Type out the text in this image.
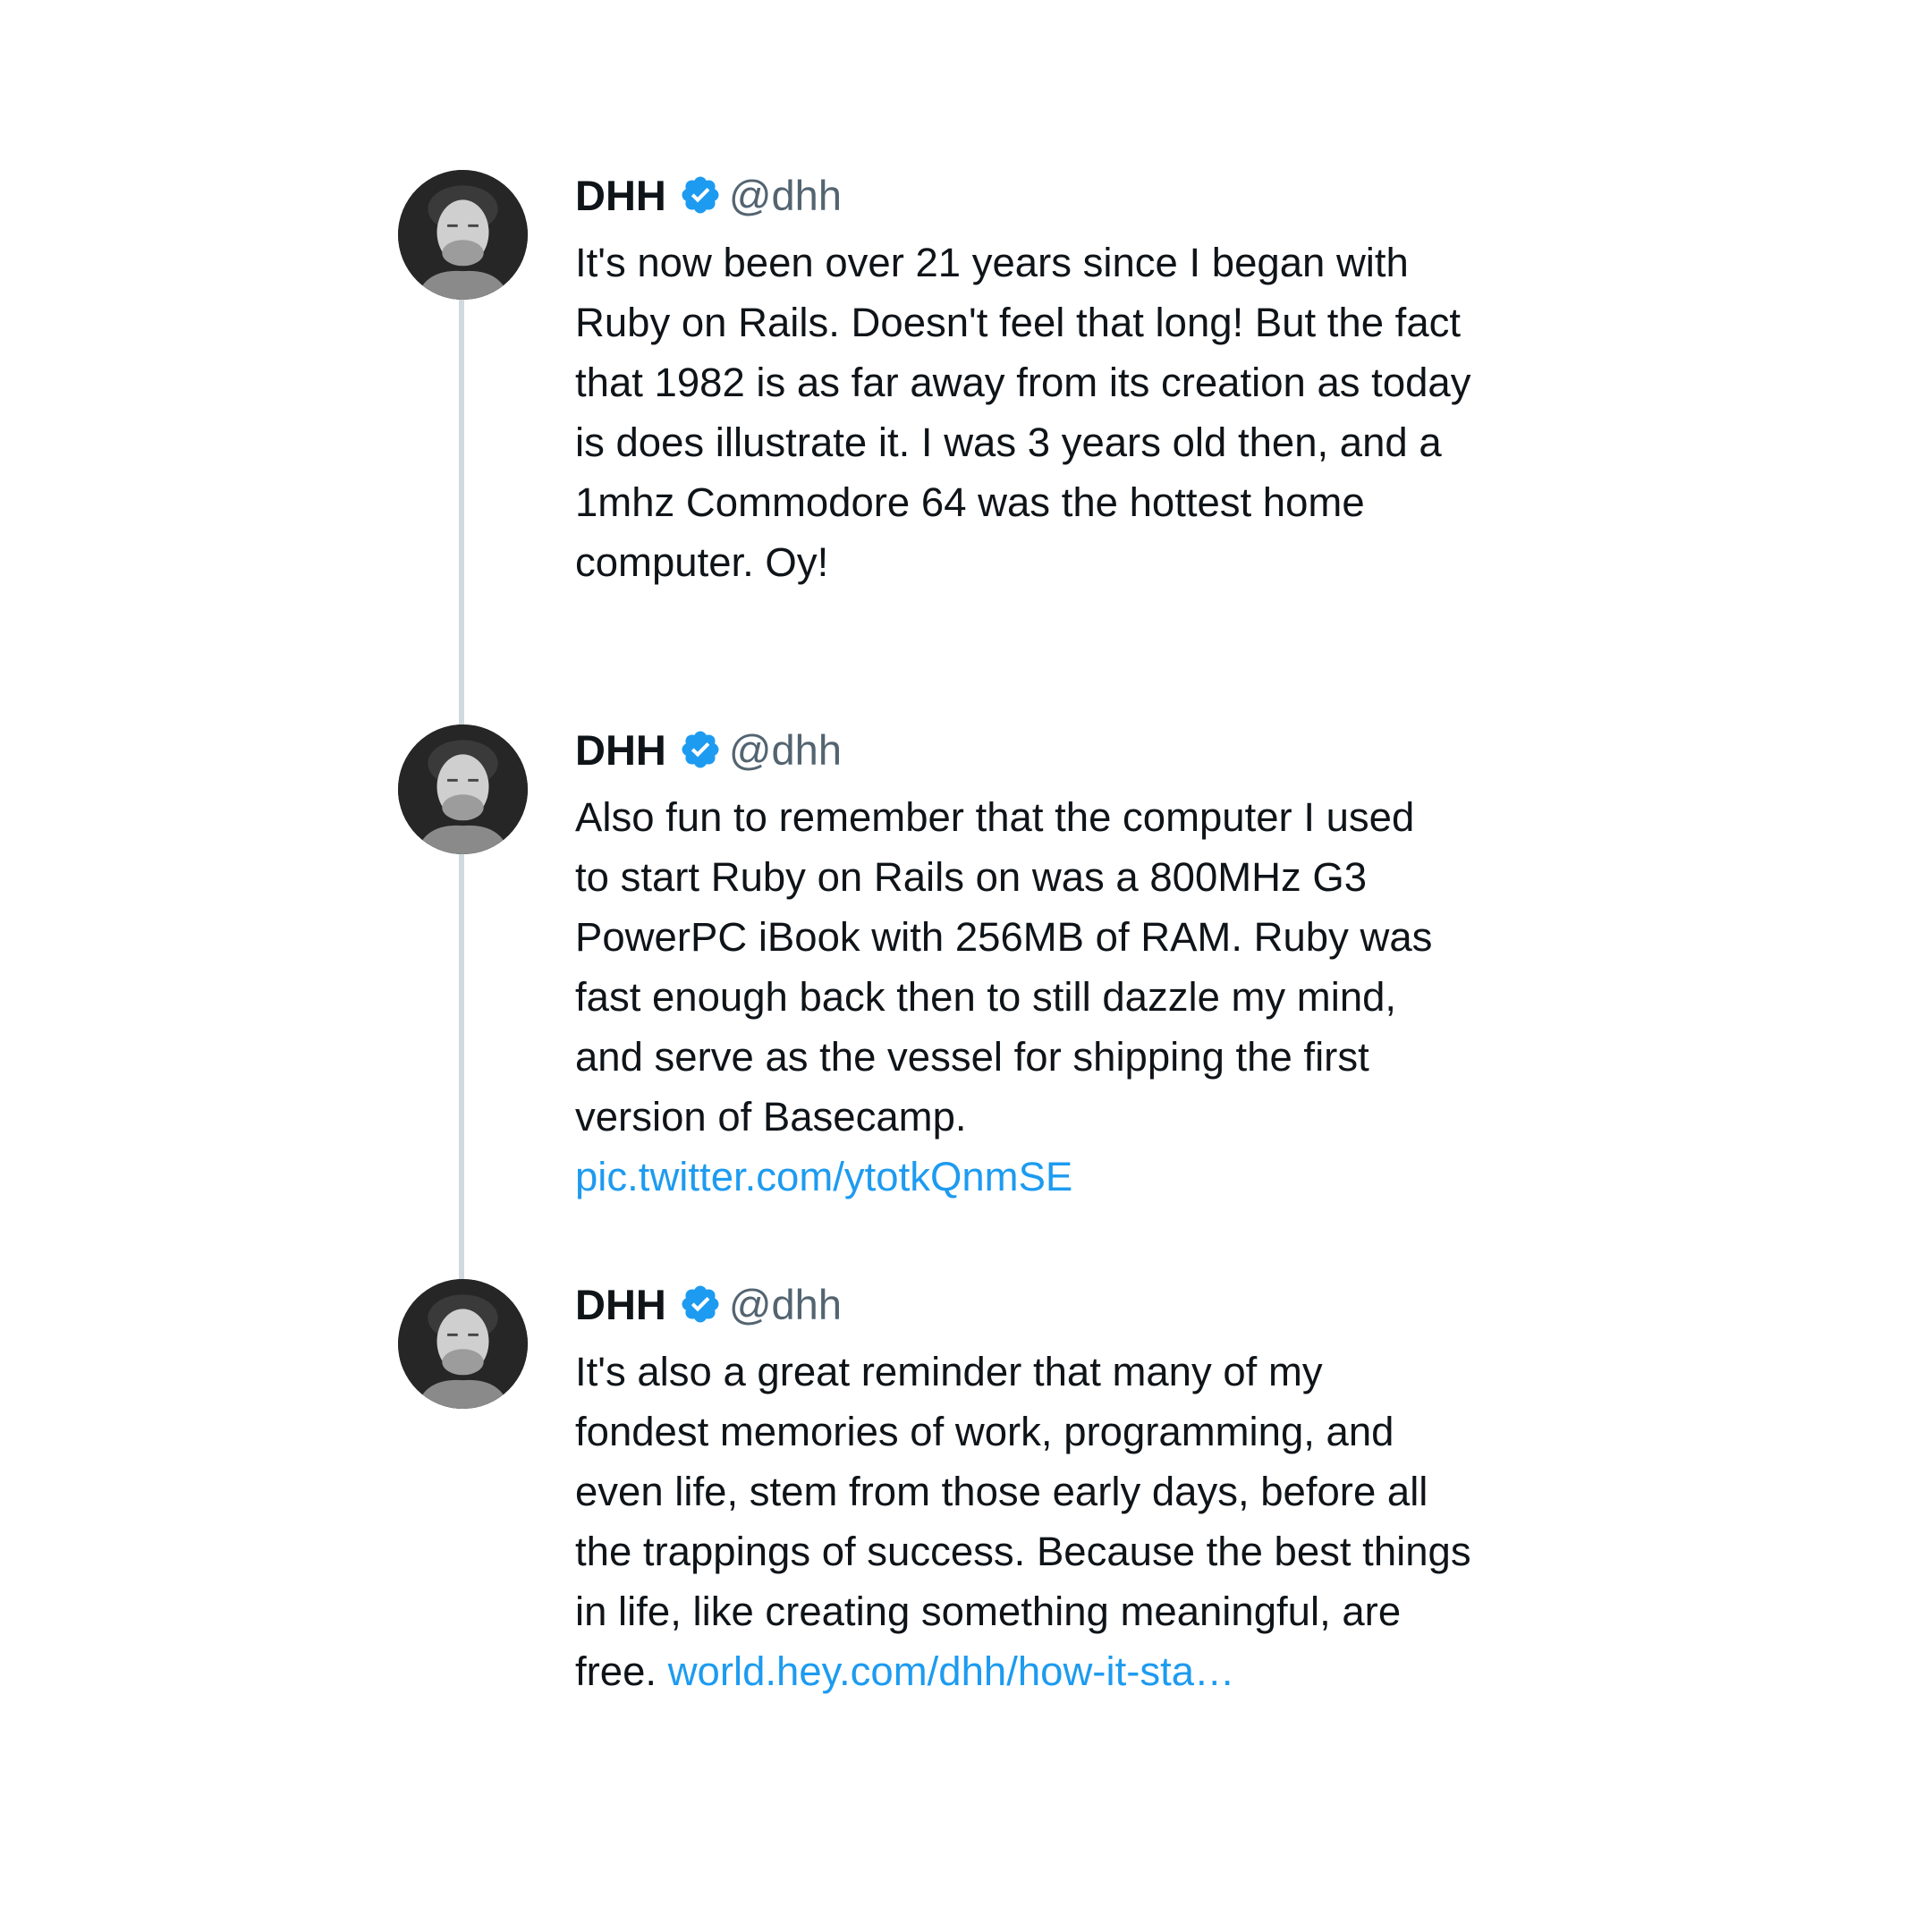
DHH @dhh
It's now been over 21 years since I began with
Ruby on Rails. Doesn't feel that long! But the fact
that 1982 is as far away from its creation as today
is does illustrate it. I was 3 years old then, and a
1mhz Commodore 64 was the hottest home
computer. Oy!
DHH @dhh
Also fun to remember that the computer I used
to start Ruby on Rails on was a 800MHz G3
PowerPC iBook with 256MB of RAM. Ruby was
fast enough back then to still dazzle my mind,
and serve as the vessel for shipping the first
version of Basecamp.
pic.twitter.com/ytotkQnmSE
DHH @dhh
It's also a great reminder that many of my
fondest memories of work, programming, and
even life, stem from those early days, before all
the trappings of success. Because the best things
in life, like creating something meaningful, are
free. world.hey.com/dhh/how-it-sta…
